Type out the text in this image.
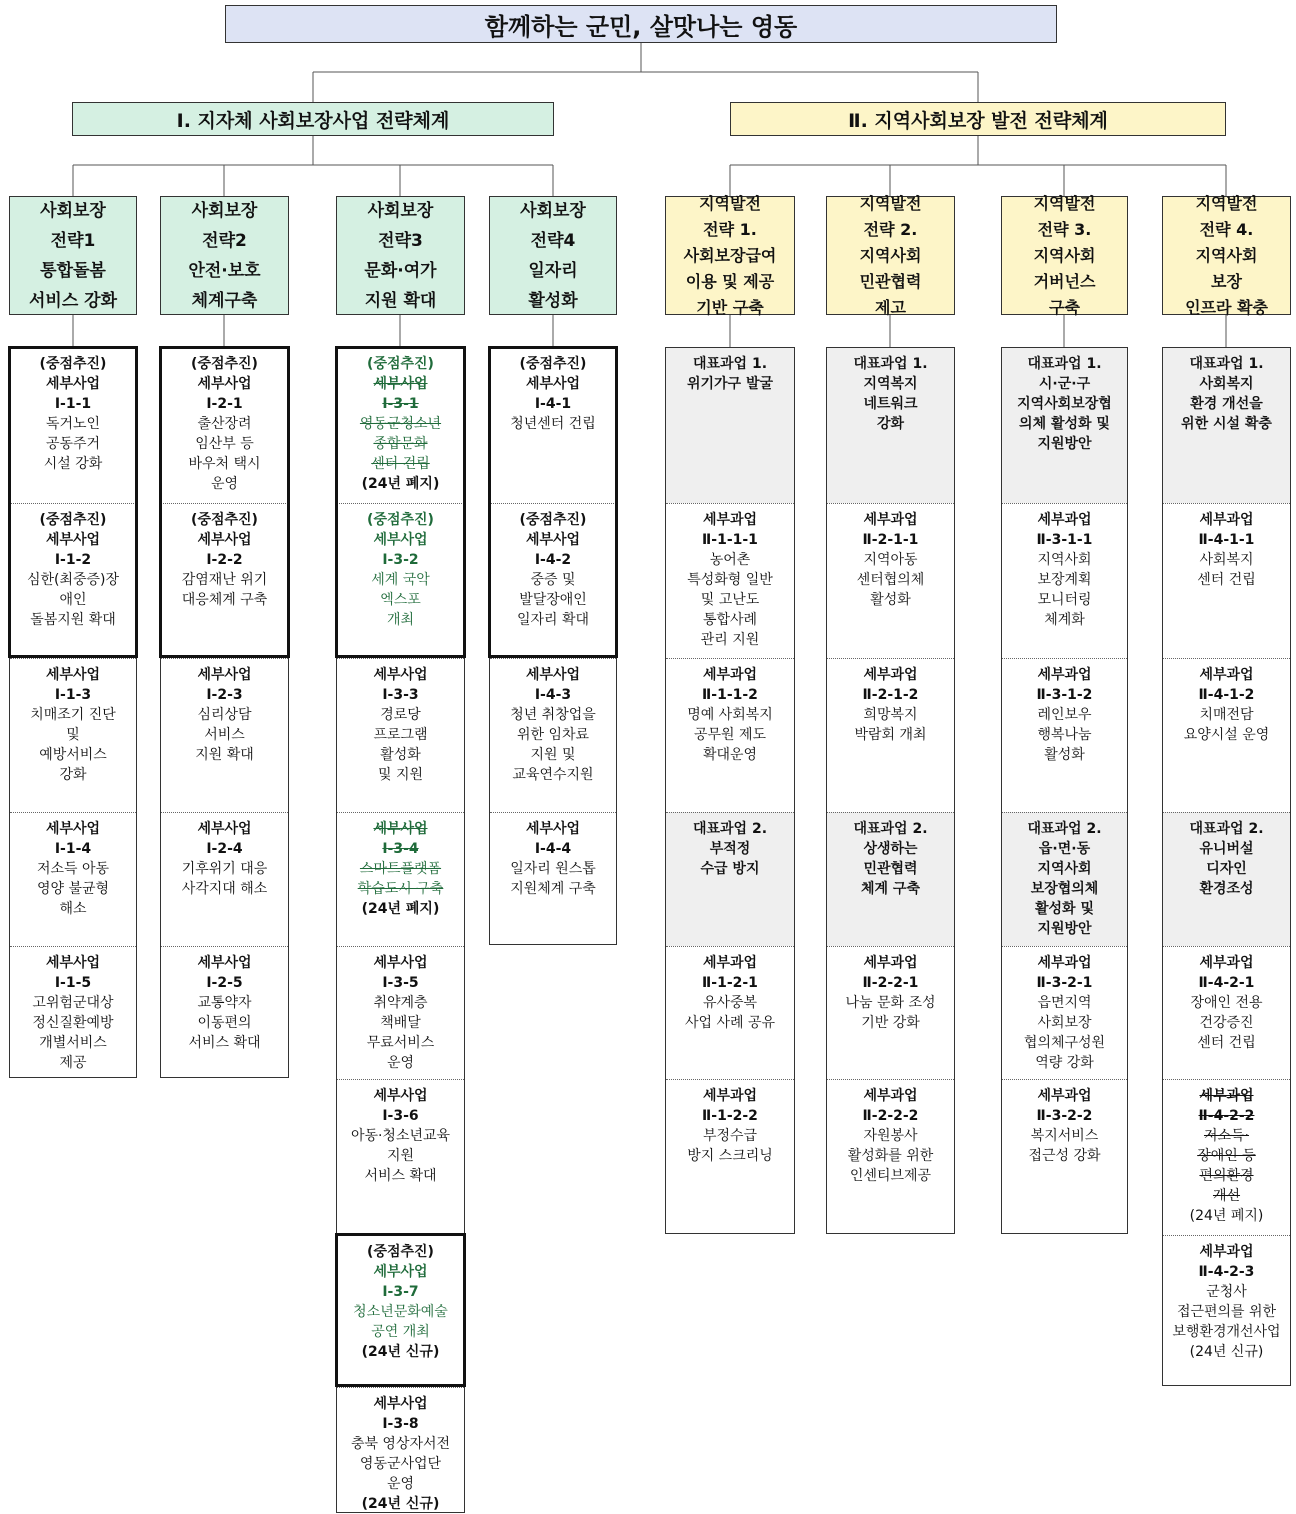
함께하는 군민, 살맛나는 영동
Ⅰ. 지자체 사회보장사업 전략체계	Ⅱ. 지역사회보장 발전 전략체계
사회보장
전략1
통합돌봄
서비스 강화
사회보장
전략2
안전·보호
체계구축
사회보장
전략3
문화·여가
지원 확대
사회보장
전략4
일자리
활성화
지역발전
전략 1.
사회보장급여
이용 및 제공
기반 구축
지역발전
전략 2.
지역사회
민관협력
제고
지역발전
전략 3.
지역사회
거버넌스
구축
지역발전
전략 4.
지역사회
보장
인프라 확충
(중점추진)
세부사업
Ⅰ-1-1
독거노인
공동주거
시설 강화
(중점추진)
세부사업
Ⅰ-1-2
심한(최중증)장
애인
돌봄지원 확대
세부사업
Ⅰ-1-3
치매조기 진단
및
예방서비스
강화
세부사업
Ⅰ-1-4
저소득 아동
영양 불균형
해소
세부사업
Ⅰ-1-5
고위험군대상
정신질환예방
개별서비스
제공
(중점추진)
세부사업
Ⅰ-2-1
출산장려
임산부 등
바우처 택시
운영
(중점추진)
세부사업
Ⅰ-2-2
감염재난 위기
대응체계 구축
세부사업
Ⅰ-2-3
심리상담
서비스
지원 확대
세부사업
Ⅰ-2-4
기후위기 대응
사각지대 해소
세부사업
Ⅰ-2-5
교통약자
이동편의
서비스 확대
(중점추진)
세부사업
Ⅰ-3-1
영동군청소년
종합문화
센터 건립
(24년 폐지)
(중점추진)
세부사업
Ⅰ-3-2
세계 국악
엑스포
개최
세부사업
Ⅰ-3-3
경로당
프로그램
활성화
및 지원
세부사업
Ⅰ-3-4
스마트플랫폼
학습도시 구축
(24년 폐지)
세부사업
Ⅰ-3-5
취약계층
책배달
무료서비스
운영
세부사업
Ⅰ-3-6
아동·청소년교육
지원
서비스 확대
(중점추진)
세부사업
Ⅰ-3-7
청소년문화예술
공연 개최
(24년 신규)
세부사업
Ⅰ-3-8
충북 영상자서전
영동군사업단
운영
(24년 신규)
(중점추진)
세부사업
Ⅰ-4-1
청년센터 건립
(중점추진)
세부사업
Ⅰ-4-2
중증 및
발달장애인
일자리 확대
세부사업
Ⅰ-4-3
청년 취창업을
위한 임차료
지원 및
교육연수지원
세부사업
Ⅰ-4-4
일자리 원스톱
지원체계 구축
대표과업 1.
위기가구 발굴
세부과업
Ⅱ-1-1-1
농어촌
특성화형 일반
및 고난도
통합사례
관리 지원
세부과업
Ⅱ-1-1-2
명예 사회복지
공무원 제도
확대운영
대표과업 2.
부적정
수급 방지
세부과업
Ⅱ-1-2-1
유사중복
사업 사례 공유
세부과업
Ⅱ-1-2-2
부정수급
방지 스크리닝
대표과업 1.
지역복지
네트워크
강화
세부과업
Ⅱ-2-1-1
지역아동
센터협의체
활성화
세부과업
Ⅱ-2-1-2
희망복지
박람회 개최
대표과업 2.
상생하는
민관협력
체계 구축
세부과업
Ⅱ-2-2-1
나눔 문화 조성
기반 강화
세부과업
Ⅱ-2-2-2
자원봉사
활성화를 위한
인센티브제공
대표과업 1.
시·군·구
지역사회보장협
의체 활성화 및
지원방안
세부과업
Ⅱ-3-1-1
지역사회
보장계획
모니터링
체계화
세부과업
Ⅱ-3-1-2
레인보우
행복나눔
활성화
대표과업 2.
읍·면·동
지역사회
보장협의체
활성화 및
지원방안
세부과업
Ⅱ-3-2-1
읍면지역
사회보장
협의체구성원
역량 강화
세부과업
Ⅱ-3-2-2
복지서비스
접근성 강화
대표과업 1.
사회복지
환경 개선을
위한 시설 확충
세부과업
Ⅱ-4-1-1
사회복지
센터 건립
세부과업
Ⅱ-4-1-2
치매전담
요양시설 운영
대표과업 2.
유니버설
디자인
환경조성
세부과업
Ⅱ-4-2-1
장애인 전용
건강증진
센터 건립
세부과업
Ⅱ-4-2-2
저소득·
장애인 등
편의환경
개선
(24년 폐지)
세부과업
Ⅱ-4-2-3
군청사
접근편의를 위한
보행환경개선사업
(24년 신규)
